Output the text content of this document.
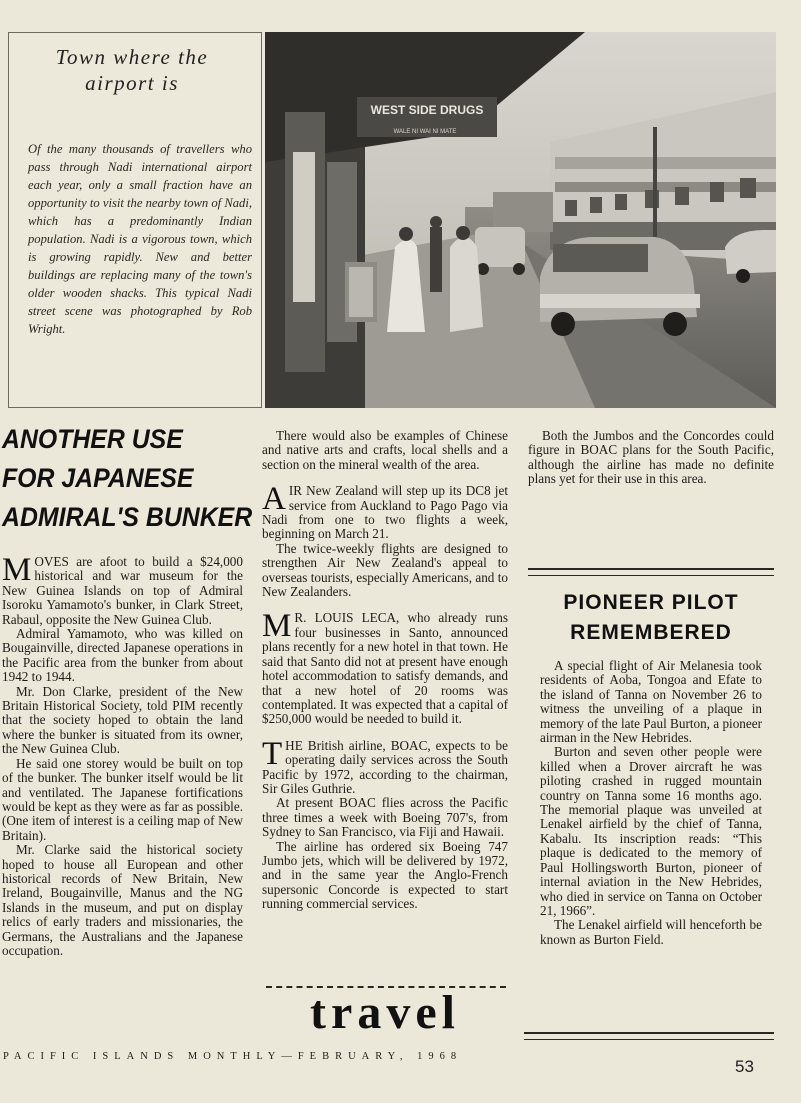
Town where the
airport is
Of the many thousands of travellers who pass through Nadi international airport each year, only a small fraction have an opportunity to visit the nearby town of Nadi, which has a predominantly Indian population. Nadi is a vigorous town, which is growing rapidly. New and better buildings are replacing many of the town's older wooden shacks. This typical Nadi street scene was photographed by Rob Wright.
WEST SIDE DRUGS
WALE NI WAI NI MATE
ANOTHER USE
FOR JAPANESE
ADMIRAL'S BUNKER

MOVES are afoot to build a $24,000 historical and war museum for the New Guinea Islands on top of Admiral Isoroku Yamamoto's bunker, in Clark Street, Rabaul, opposite the New Guinea Club.

Admiral Yamamoto, who was killed on Bougainville, directed Japanese operations in the Pacific area from the bunker from about 1942 to 1944.

Mr. Don Clarke, president of the New Britain Historical Society, told PIM recently that the society hoped to obtain the land where the bunker is situated from its owner, the New Guinea Club.

He said one storey would be built on top of the bunker. The bunker itself would be lit and ventilated. The Japanese fortifications would be kept as they were as far as possible. (One item of interest is a ceiling map of New Britain).

Mr. Clarke said the historical society hoped to house all European and other historical records of New Britain, New Ireland, Bougainville, Manus and the NG Islands in the museum, and put on display relics of early traders and missionaries, the Germans, the Australians and the Japanese occupation.

There would also be examples of Chinese and native arts and crafts, local shells and a section on the mineral wealth of the area.

AIR New Zealand will step up its DC8 jet service from Auckland to Pago Pago via Nadi from one to two flights a week, beginning on March 21.

The twice-weekly flights are designed to strengthen Air New Zealand's appeal to overseas tourists, especially Americans, and to New Zealanders.

M R. LOUIS LECA, who already runs four businesses in Santo, announced plans recently for a new hotel in that town. He said that Santo did not at present have enough hotel accommodation to satisfy demands, and that a new hotel of 20 rooms was contemplated. It was expected that a capital of $250,000 would be needed to build it.

THE British airline, BOAC, expects to be operating daily services across the South Pacific by 1972, according to the chairman, Sir Giles Guthrie.

At present BOAC flies across the Pacific three times a week with Boeing 707's, from Sydney to San Francisco, via Fiji and Hawaii.

The airline has ordered six Boeing 747 Jumbo jets, which will be delivered by 1972, and in the same year the Anglo-French supersonic Concorde is expected to start running commercial services.

Both the Jumbos and the Concordes could figure in BOAC plans for the South Pacific, although the airline has made no definite plans yet for their use in this area.

PIONEER PILOT
REMEMBERED

A special flight of Air Melanesia took residents of Aoba, Tongoa and Efate to the island of Tanna on November 26 to witness the unveiling of a plaque in memory of the late Paul Burton, a pioneer airman in the New Hebrides.

Burton and seven other people were killed when a Drover aircraft he was piloting crashed in rugged mountain country on Tanna some 16 months ago. The memorial plaque was unveiled at Lenakel airfield by the chief of Tanna, Kabalu. Its inscription reads: “This plaque is dedicated to the memory of Paul Hollingsworth Burton, pioneer of internal aviation in the New Hebrides, who died in service on Tanna on October 21, 1966”.

The Lenakel airfield will henceforth be known as Burton Field.

travel
PACIFIC ISLANDS MONTHLY—FEBRUARY, 1968
53
